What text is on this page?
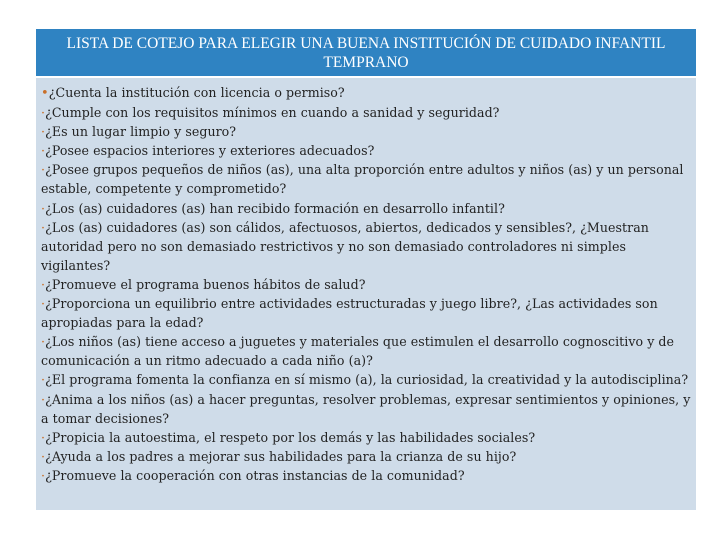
LISTA DE COTEJO PARA ELEGIR UNA BUENA INSTITUCIÓN DE CUIDADO INFANTIL TEMPRANO

•¿Cuenta la institución con licencia o permiso?

·¿Cumple con los requisitos mínimos en cuando a sanidad y seguridad?

·¿Es un lugar limpio y seguro?

·¿Posee espacios interiores y exteriores adecuados?

·¿Posee grupos pequeños de niños (as), una alta proporción entre adultos y niños (as) y un personal estable, competente y comprometido?

·¿Los (as) cuidadores (as) han recibido formación en desarrollo infantil?

·¿Los (as) cuidadores (as) son cálidos, afectuosos, abiertos, dedicados y sensibles?, ¿Muestran autoridad pero no son demasiado restrictivos y no son demasiado controladores ni simples vigilantes?

·¿Promueve el programa buenos hábitos de salud?

·¿Proporciona un equilibrio entre actividades estructuradas y juego libre?, ¿Las actividades son apropiadas para la edad?

·¿Los niños (as) tiene acceso a juguetes y materiales que estimulen el desarrollo cognoscitivo y de comunicación a un ritmo adecuado a cada niño (a)?

·¿El programa fomenta la confianza en sí mismo (a), la curiosidad, la creatividad y la autodisciplina?

·¿Anima a los niños (as) a hacer preguntas, resolver problemas, expresar sentimientos y opiniones, y a tomar decisiones?

·¿Propicia la autoestima, el respeto por los demás y las habilidades sociales?

·¿Ayuda a los padres a mejorar sus habilidades para la crianza de su hijo?

·¿Promueve la cooperación con otras instancias de la comunidad?
